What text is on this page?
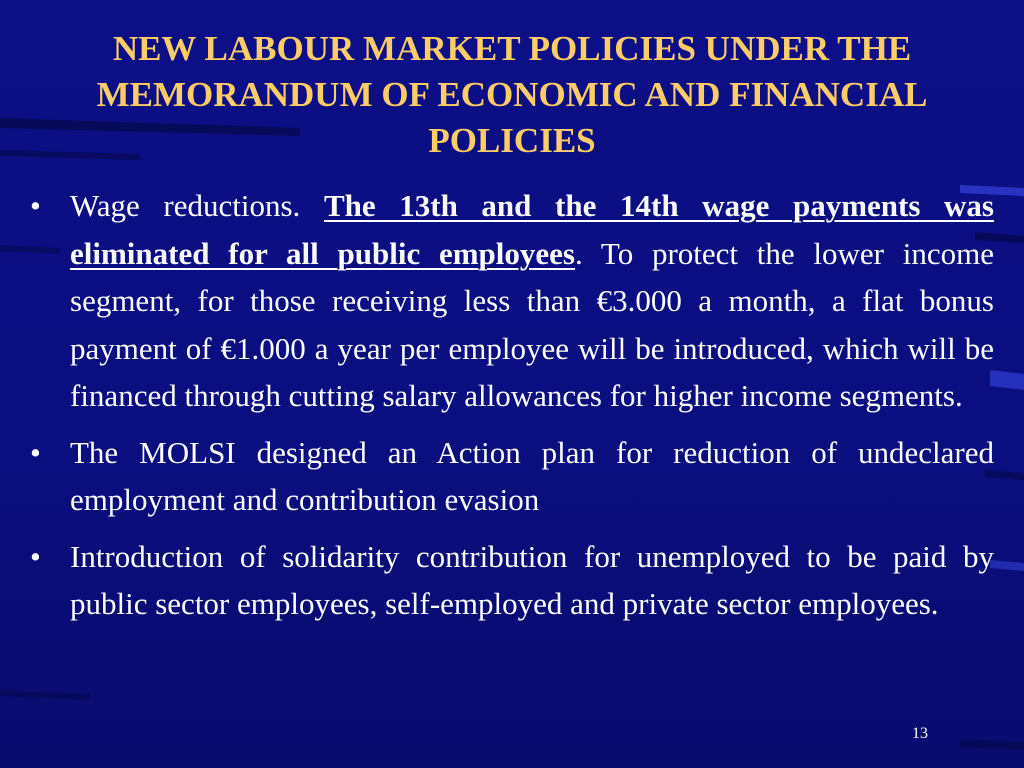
NEW LABOUR MARKET POLICIES UNDER THE
MEMORANDUM OF ECONOMIC AND FINANCIAL
POLICIES
• Wage reductions. The 13th and the 14th wage payments was eliminated for all public employees. To protect the lower income segment, for those receiving less than €3.000 a month, a flat bonus payment of €1.000 a year per employee will be introduced, which will be financed through cutting salary allowances for higher income segments.
• The MOLSI designed an Action plan for reduction of undeclared employment and contribution evasion
• Introduction of solidarity contribution for unemployed to be paid by public sector employees, self-employed and private sector employees.
13
